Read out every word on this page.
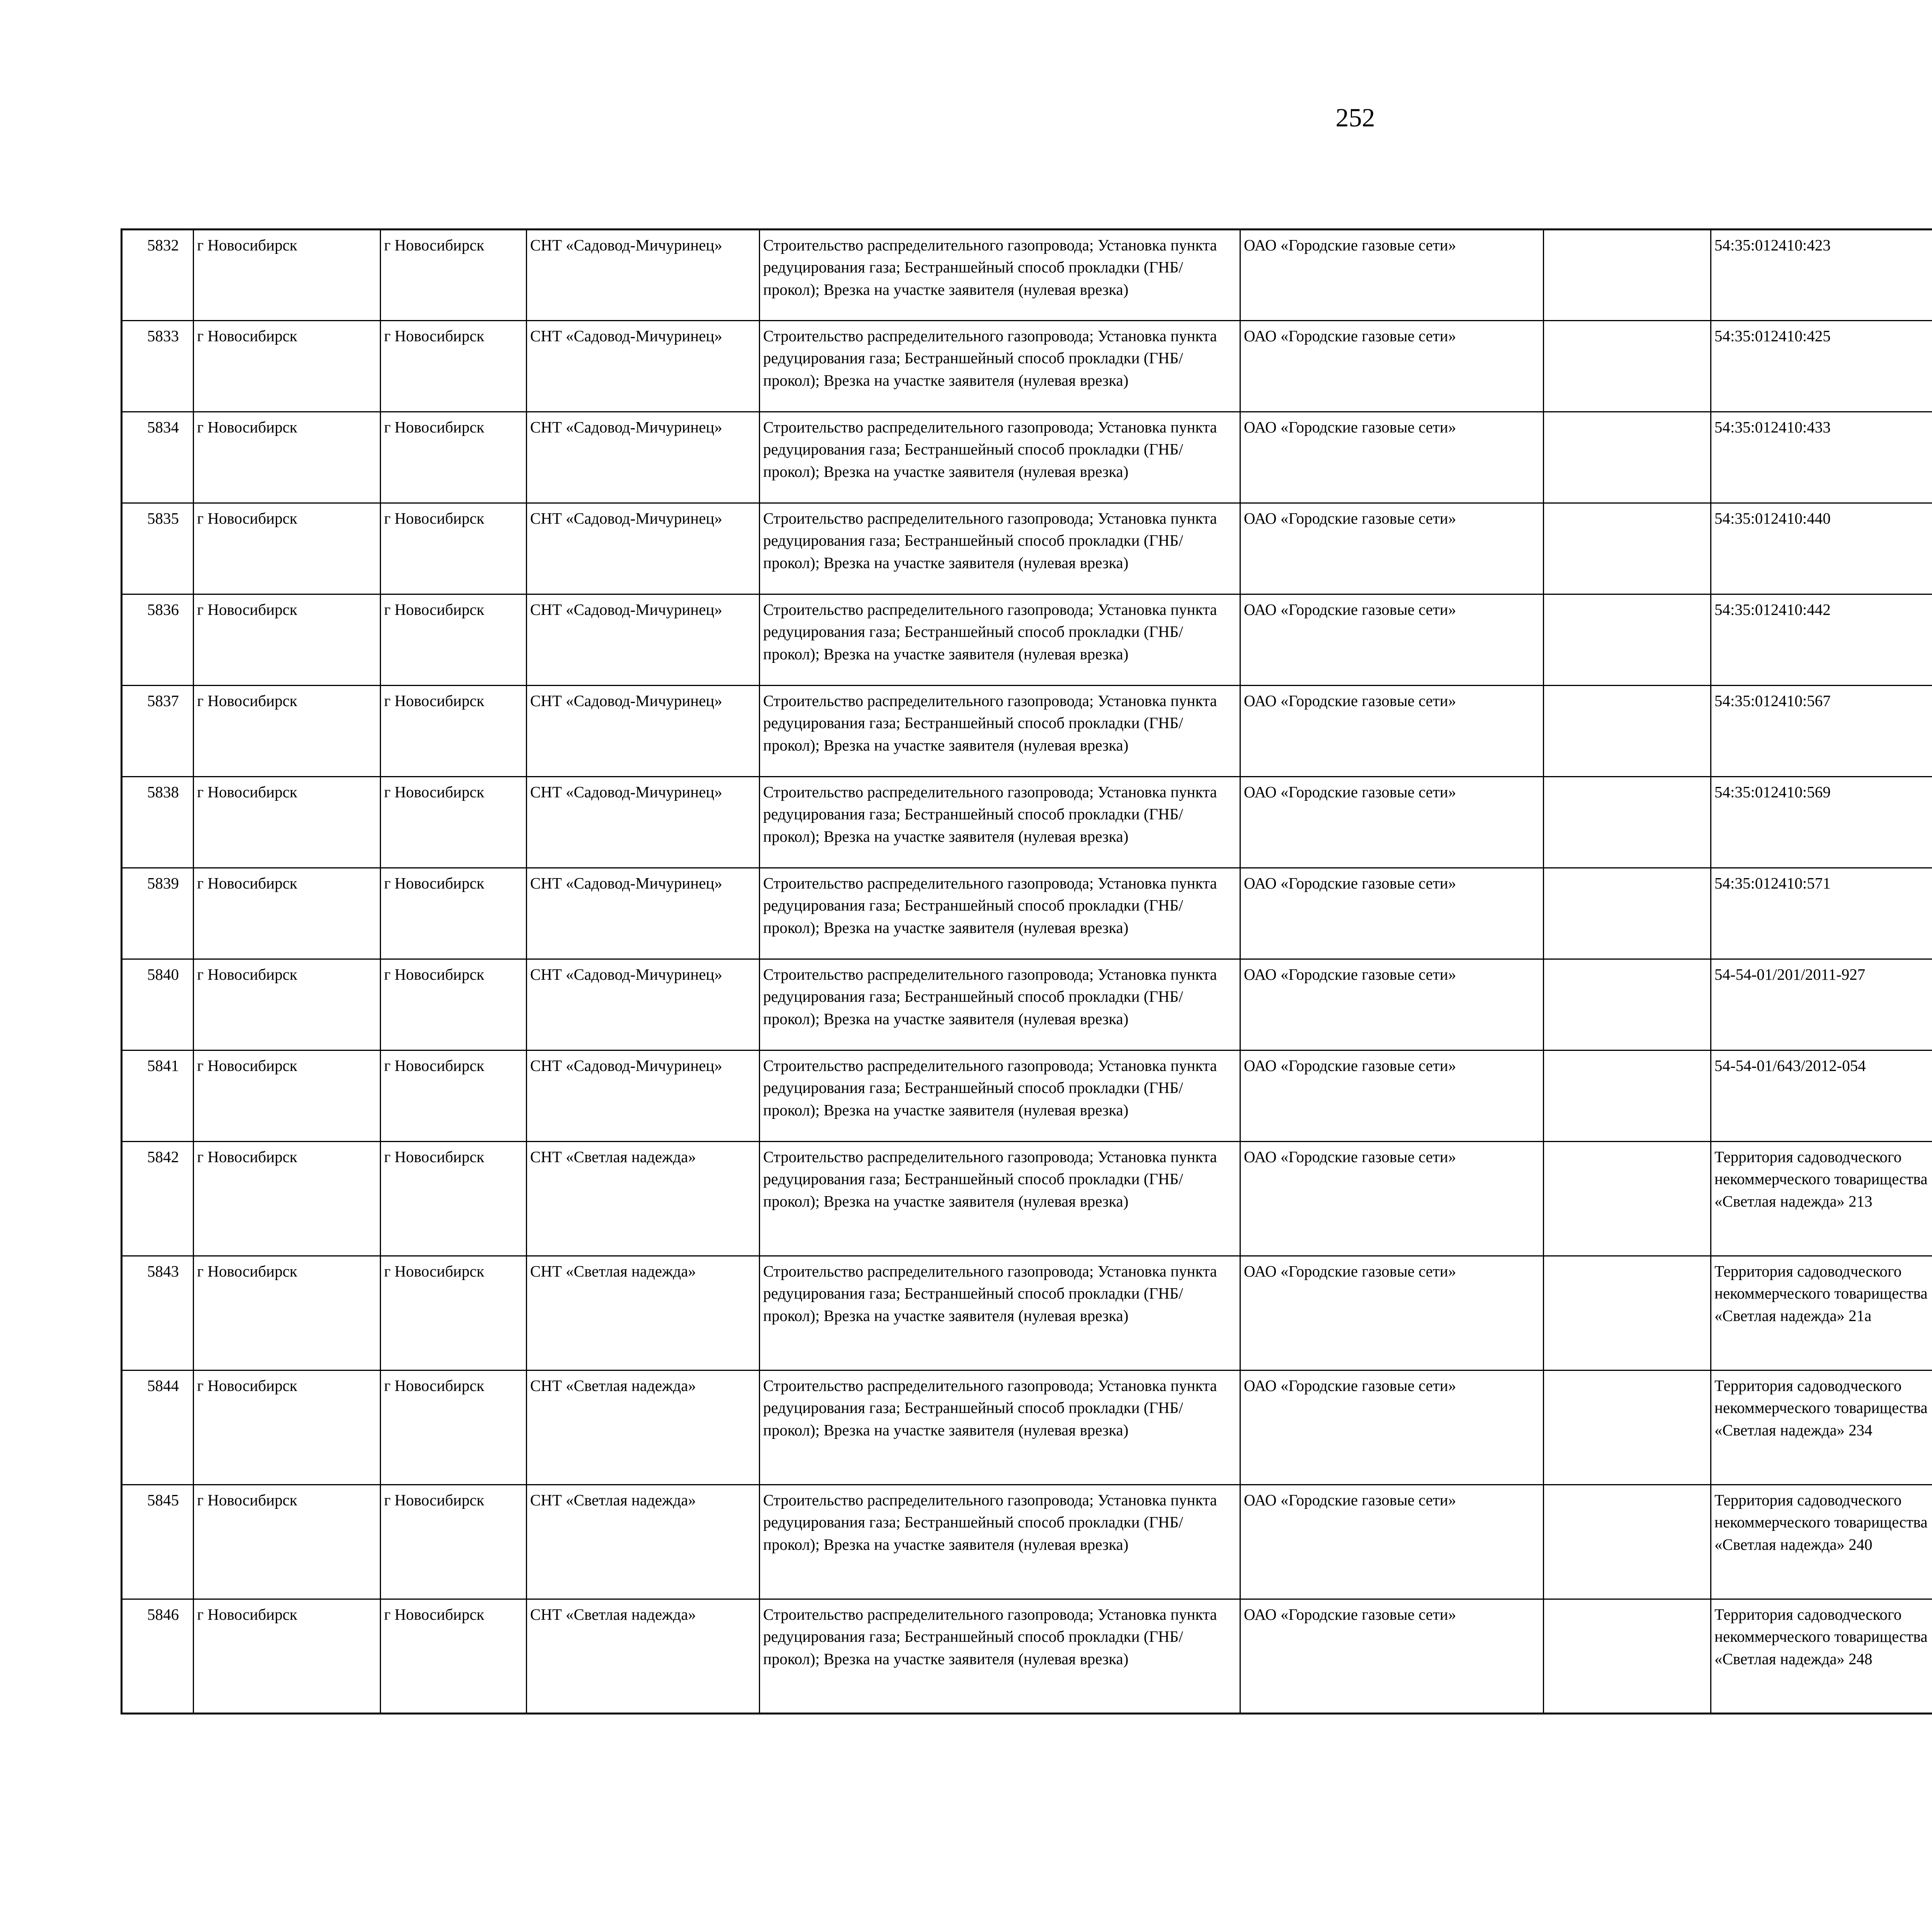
252
5832	г Новосибирск	г Новосибирск	СНТ «Садовод-Мичуринец»	Строительство распределительного газопровода; Установка пункта редуцирования газа; Бестраншейный способ прокладки (ГНБ/прокол); Врезка на участке заявителя (нулевая врезка)	ОАО «Городские газовые сети»		54:35:012410:423					
5833	г Новосибирск	г Новосибирск	СНТ «Садовод-Мичуринец»	Строительство распределительного газопровода; Установка пункта редуцирования газа; Бестраншейный способ прокладки (ГНБ/прокол); Врезка на участке заявителя (нулевая врезка)	ОАО «Городские газовые сети»		54:35:012410:425					
5834	г Новосибирск	г Новосибирск	СНТ «Садовод-Мичуринец»	Строительство распределительного газопровода; Установка пункта редуцирования газа; Бестраншейный способ прокладки (ГНБ/прокол); Врезка на участке заявителя (нулевая врезка)	ОАО «Городские газовые сети»		54:35:012410:433					
5835	г Новосибирск	г Новосибирск	СНТ «Садовод-Мичуринец»	Строительство распределительного газопровода; Установка пункта редуцирования газа; Бестраншейный способ прокладки (ГНБ/прокол); Врезка на участке заявителя (нулевая врезка)	ОАО «Городские газовые сети»		54:35:012410:440					
5836	г Новосибирск	г Новосибирск	СНТ «Садовод-Мичуринец»	Строительство распределительного газопровода; Установка пункта редуцирования газа; Бестраншейный способ прокладки (ГНБ/прокол); Врезка на участке заявителя (нулевая врезка)	ОАО «Городские газовые сети»		54:35:012410:442					
5837	г Новосибирск	г Новосибирск	СНТ «Садовод-Мичуринец»	Строительство распределительного газопровода; Установка пункта редуцирования газа; Бестраншейный способ прокладки (ГНБ/прокол); Врезка на участке заявителя (нулевая врезка)	ОАО «Городские газовые сети»		54:35:012410:567					
5838	г Новосибирск	г Новосибирск	СНТ «Садовод-Мичуринец»	Строительство распределительного газопровода; Установка пункта редуцирования газа; Бестраншейный способ прокладки (ГНБ/прокол); Врезка на участке заявителя (нулевая врезка)	ОАО «Городские газовые сети»		54:35:012410:569					
5839	г Новосибирск	г Новосибирск	СНТ «Садовод-Мичуринец»	Строительство распределительного газопровода; Установка пункта редуцирования газа; Бестраншейный способ прокладки (ГНБ/прокол); Врезка на участке заявителя (нулевая врезка)	ОАО «Городские газовые сети»		54:35:012410:571					
5840	г Новосибирск	г Новосибирск	СНТ «Садовод-Мичуринец»	Строительство распределительного газопровода; Установка пункта редуцирования газа; Бестраншейный способ прокладки (ГНБ/прокол); Врезка на участке заявителя (нулевая врезка)	ОАО «Городские газовые сети»		54-54-01/201/2011-927					
5841	г Новосибирск	г Новосибирск	СНТ «Садовод-Мичуринец»	Строительство распределительного газопровода; Установка пункта редуцирования газа; Бестраншейный способ прокладки (ГНБ/прокол); Врезка на участке заявителя (нулевая врезка)	ОАО «Городские газовые сети»		54-54-01/643/2012-054					
5842	г Новосибирск	г Новосибирск	СНТ «Светлая надежда»	Строительство распределительного газопровода; Установка пункта редуцирования газа; Бестраншейный способ прокладки (ГНБ/прокол); Врезка на участке заявителя (нулевая врезка)	ОАО «Городские газовые сети»		Территория садоводческого некоммерческого товарищества «Светлая надежда» 213					
5843	г Новосибирск	г Новосибирск	СНТ «Светлая надежда»	Строительство распределительного газопровода; Установка пункта редуцирования газа; Бестраншейный способ прокладки (ГНБ/прокол); Врезка на участке заявителя (нулевая врезка)	ОАО «Городские газовые сети»		Территория садоводческого некоммерческого товарищества «Светлая надежда» 21а					
5844	г Новосибирск	г Новосибирск	СНТ «Светлая надежда»	Строительство распределительного газопровода; Установка пункта редуцирования газа; Бестраншейный способ прокладки (ГНБ/прокол); Врезка на участке заявителя (нулевая врезка)	ОАО «Городские газовые сети»		Территория садоводческого некоммерческого товарищества «Светлая надежда» 234					
5845	г Новосибирск	г Новосибирск	СНТ «Светлая надежда»	Строительство распределительного газопровода; Установка пункта редуцирования газа; Бестраншейный способ прокладки (ГНБ/прокол); Врезка на участке заявителя (нулевая врезка)	ОАО «Городские газовые сети»		Территория садоводческого некоммерческого товарищества «Светлая надежда» 240					
5846	г Новосибирск	г Новосибирск	СНТ «Светлая надежда»	Строительство распределительного газопровода; Установка пункта редуцирования газа; Бестраншейный способ прокладки (ГНБ/прокол); Врезка на участке заявителя (нулевая врезка)	ОАО «Городские газовые сети»		Территория садоводческого некоммерческого товарищества «Светлая надежда» 248					
